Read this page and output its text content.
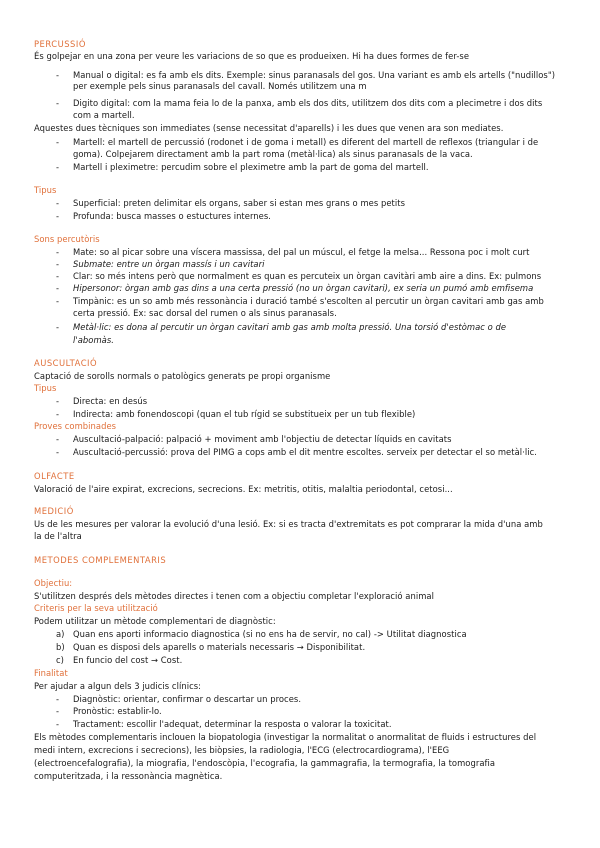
PERCUSSIÓ
És golpejar en una zona per veure les variacions de so que es produeixen. Hi ha dues formes de fer-se
- Manual o digital: es fa amb els dits. Exemple: sinus paranasals del gos. Una variant es amb els artells ("nudillos")
per exemple pels sinus paranasals del cavall. Només utilitzem una m
- Digito digital: com la mama feia lo de la panxa, amb els dos dits, utilitzem dos dits com a plecimetre i dos dits
com a martell.
Aquestes dues tècniques son immediates (sense necessitat d'aparells) i les dues que venen ara son mediates.
- Martell: el martell de percussió (rodonet i de goma i metall) es diferent del martell de reflexos (triangular i de
goma). Colpejarem directament amb la part roma (metàl·lica) als sinus paranasals de la vaca.
- Martell i pleximetre: percudim sobre el pleximetre amb la part de goma del martell.
Tipus
- Superficial: preten delimitar els organs, saber si estan mes grans o mes petits
- Profunda: busca masses o estuctures internes.
Sons percutòris
- Mate: so al picar sobre una víscera massissa, del pal un múscul, el fetge la melsa... Ressona poc i molt curt
- Submate: entre un òrgan massís i un cavitari
- Clar: so més intens però que normalment es quan es percuteix un òrgan cavitàri amb aire a dins. Ex: pulmons
- Hipersonor: òrgan amb gas dins a una certa pressió (no un òrgan cavitari), ex seria un pumó amb emfisema
- Timpànic: es un so amb més ressonància i duració també s'escolten al percutir un òrgan cavitari amb gas amb
certa pressió. Ex: sac dorsal del rumen o als sinus paranasals.
- Metàl·lic: es dona al percutir un òrgan cavitari amb gas amb molta pressió. Una torsió d'estòmac o de
l'abomàs.
AUSCULTACIÓ
Captació de sorolls normals o patològics generats pe propi organisme
Tipus
- Directa: en desús
- Indirecta: amb fonendoscopi (quan el tub rígid se substitueix per un tub flexible)
Proves combinades
- Auscultació-palpació: palpació + moviment amb l'objectiu de detectar líquids en cavitats
- Auscultació-percussió: prova del PIMG a cops amb el dit mentre escoltes. serveix per detectar el so metàl·lic.
OLFACTE
Valoració de l'aire expirat, excrecions, secrecions. Ex: metritis, otitis, malaltia periodontal, cetosi...
MEDICIÓ
Us de les mesures per valorar la evolució d'una lesió. Ex: si es tracta d'extremitats es pot comprarar la mida d'una amb
la de l'altra
METODES COMPLEMENTARIS
Objectiu:
S'utilitzen després dels mètodes directes i tenen com a objectiu completar l'exploració animal
Criteris per la seva utilització
Podem utilitzar un mètode complementari de diagnòstic:
a) Quan ens aporti informacio diagnostica (si no ens ha de servir, no cal) -> Utilitat diagnostica
b) Quan es disposi dels aparells o materials necessaris → Disponibilitat.
c) En funcio del cost → Cost.
Finalitat
Per ajudar a algun dels 3 judicis clínics:
- Diagnòstic: orientar, confirmar o descartar un proces.
- Pronòstic: establir-lo.
- Tractament: escollir l'adequat, determinar la resposta o valorar la toxicitat.
Els mètodes complementaris inclouen la biopatologia (investigar la normalitat o anormalitat de fluids i estructures del
medi intern, excrecions i secrecions), les biòpsies, la radiologia, l'ECG (electrocardiograma), l'EEG
(electroencefalografia), la miografia, l'endoscòpia, l'ecografia, la gammagrafia, la termografia, la tomografia
computeritzada, i la ressonància magnètica.
